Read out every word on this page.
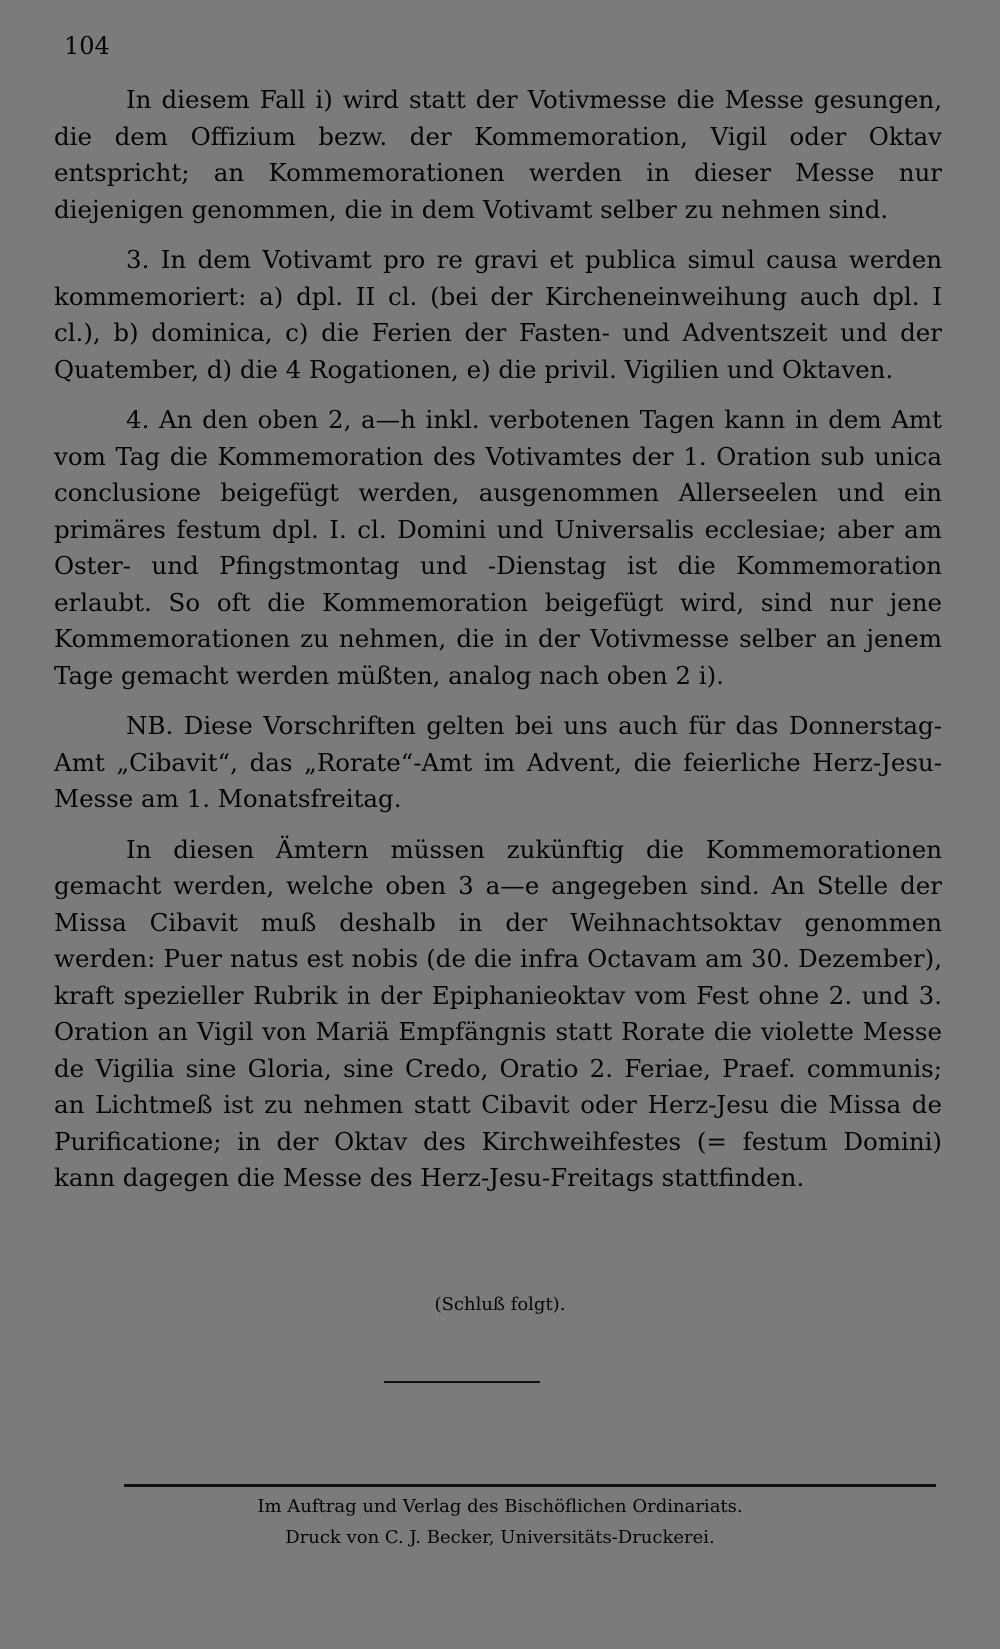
104

In diesem Fall i) wird statt der Votivmesse die Messe gesungen, die dem Offizium bezw. der Kommemoration, Vigil oder Oktav entspricht; an Kommemorationen werden in dieser Messe nur diejenigen genommen, die in dem Votivamt selber zu nehmen sind.

3. In dem Votivamt pro re gravi et publica simul causa werden kommemoriert: a) dpl. II cl. (bei der Kircheneinweihung auch dpl. I cl.), b) dominica, c) die Ferien der Fasten- und Adventszeit und der Quatember, d) die 4 Rogationen, e) die privil. Vigilien und Oktaven.

4. An den oben 2, a—h inkl. verbotenen Tagen kann in dem Amt vom Tag die Kommemoration des Votivamtes der 1. Oration sub unica conclusione beigefügt werden, ausgenommen Allerseelen und ein primäres festum dpl. I. cl. Domini und Universalis ecclesiae; aber am Oster- und Pfingstmontag und -Dienstag ist die Kommemoration erlaubt. So oft die Kommemoration beigefügt wird, sind nur jene Kommemorationen zu nehmen, die in der Votivmesse selber an jenem Tage gemacht werden müßten, analog nach oben 2 i).

NB. Diese Vorschriften gelten bei uns auch für das Donnerstag-Amt „Cibavit“, das „Rorate“-Amt im Advent, die feierliche Herz-Jesu-Messe am 1. Monatsfreitag.

In diesen Ämtern müssen zukünftig die Kommemorationen gemacht werden, welche oben 3 a—e angegeben sind. An Stelle der Missa Cibavit muß deshalb in der Weihnachtsoktav genommen werden: Puer natus est nobis (de die infra Octavam am 30. Dezember), kraft spezieller Rubrik in der Epiphanieoktav vom Fest ohne 2. und 3. Oration an Vigil von Mariä Empfängnis statt Rorate die violette Messe de Vigilia sine Gloria, sine Credo, Oratio 2. Feriae, Praef. communis; an Lichtmeß ist zu nehmen statt Cibavit oder Herz-Jesu die Missa de Purificatione; in der Oktav des Kirchweihfestes (= festum Domini) kann dagegen die Messe des Herz-Jesu-Freitags stattfinden.

(Schluß folgt).
Im Auftrag und Verlag des Bischöflichen Ordinariats.
Druck von C. J. Becker, Universitäts-Druckerei.
